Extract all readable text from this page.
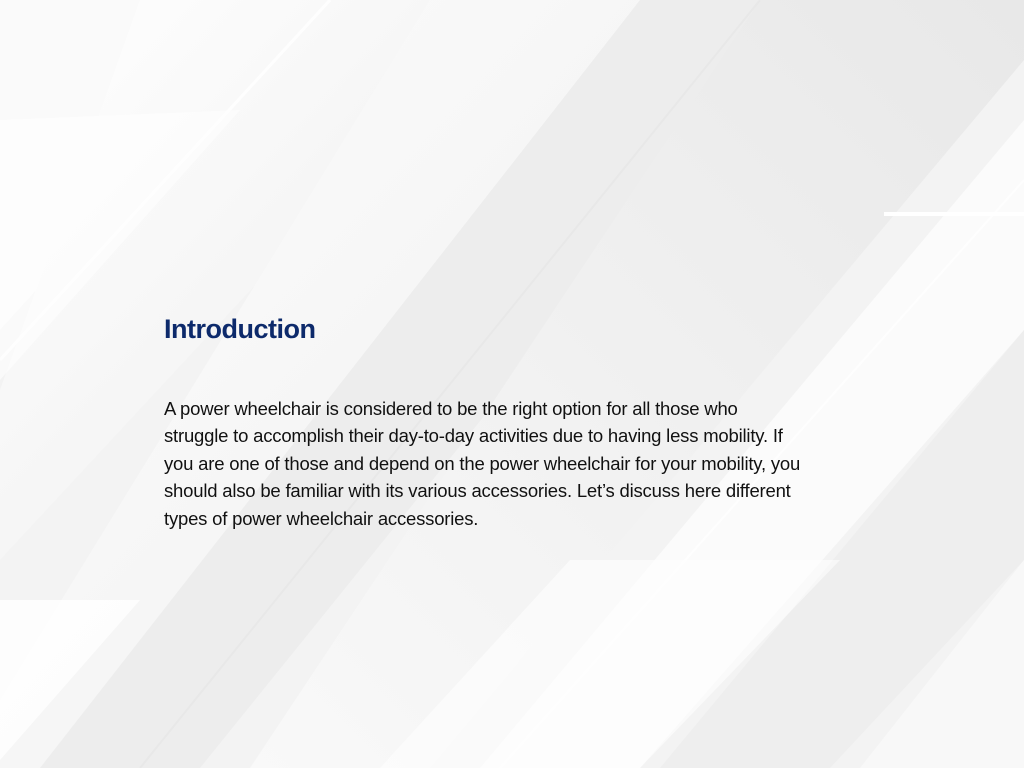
Introduction

A power wheelchair is considered to be the right option for all those who struggle to accomplish their day-to-day activities due to having less mobility. If you are one of those and depend on the power wheelchair for your mobility, you should also be familiar with its various accessories. Let’s discuss here different types of power wheelchair accessories.
